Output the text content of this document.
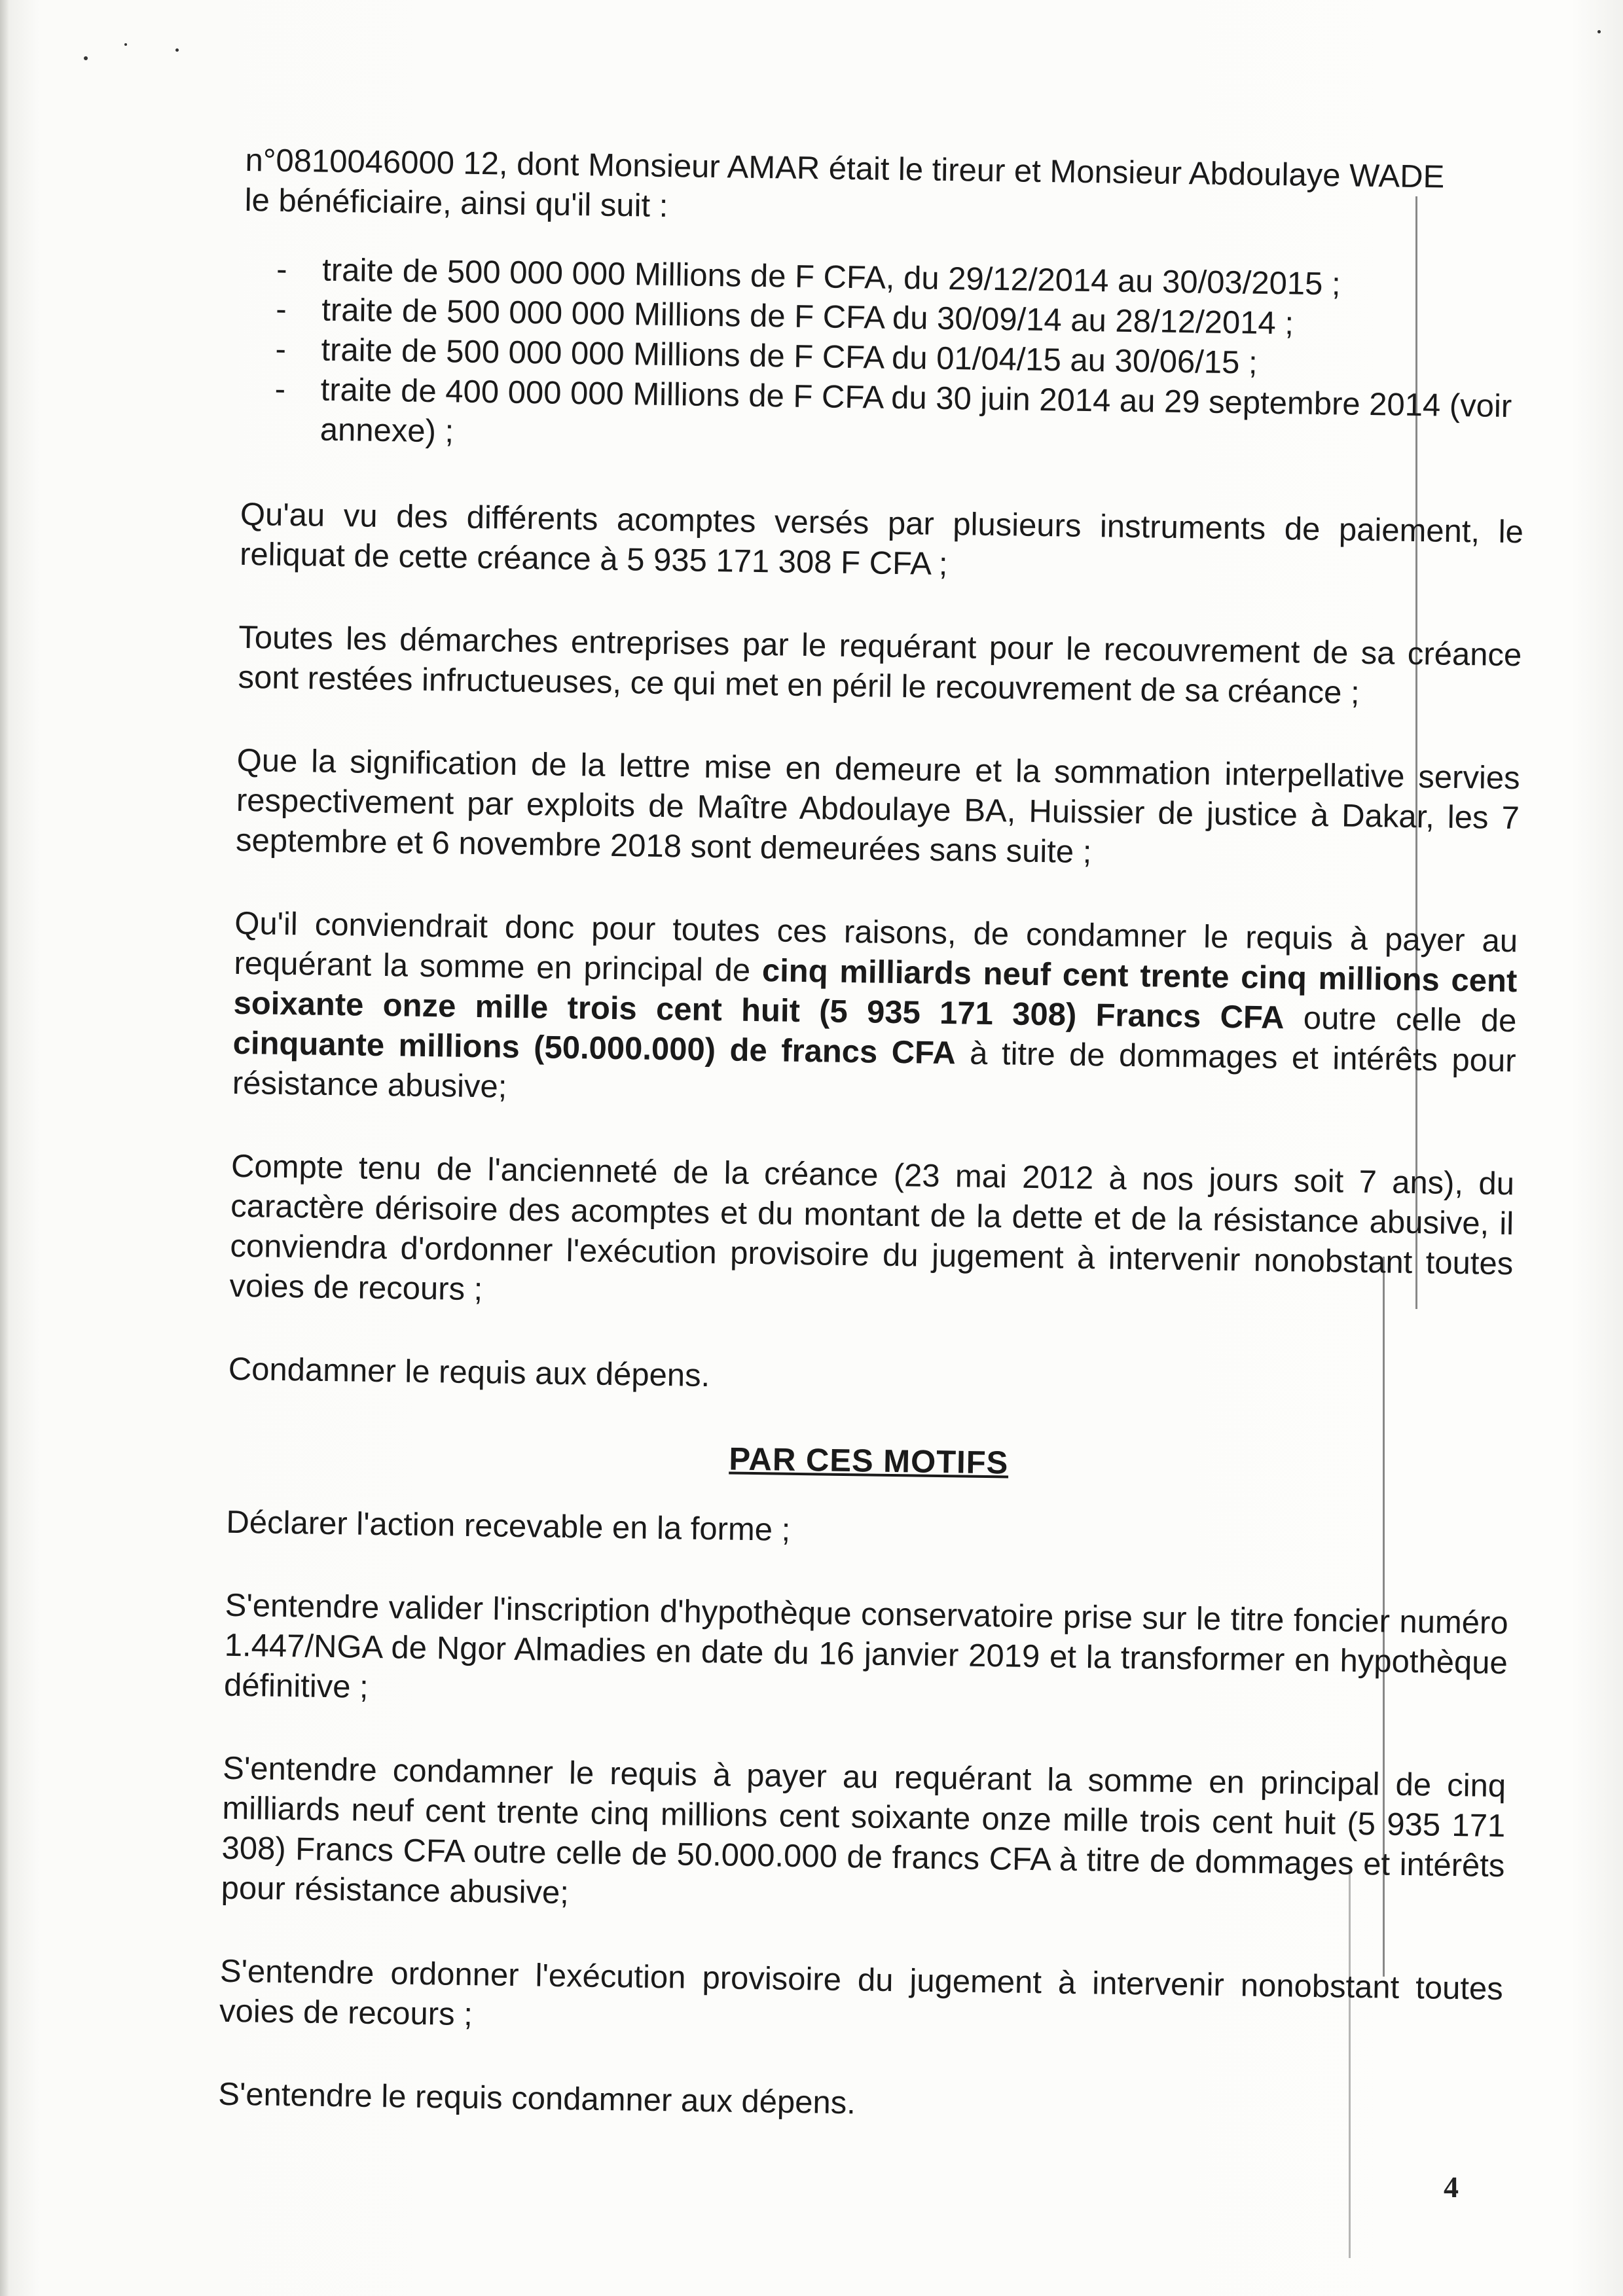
n°0810046000 12, dont Monsieur AMAR était le tireur et Monsieur Abdoulaye WADE
le bénéficiaire, ainsi qu'il suit :

- traite de 500 000 000 Millions de F CFA, du 29/12/2014 au 30/03/2015 ;
- traite de 500 000 000 Millions de F CFA du 30/09/14 au 28/12/2014 ;
- traite de 500 000 000 Millions de F CFA du 01/04/15 au 30/06/15 ;
- traite de 400 000 000 Millions de F CFA du 30 juin 2014 au 29 septembre 2014 (voir annexe) ;

Qu'au vu des différents acomptes versés par plusieurs instruments de paiement, le reliquat de cette créance à 5 935 171 308 F CFA ;

Toutes les démarches entreprises par le requérant pour le recouvrement de sa créance sont restées infructueuses, ce qui met en péril le recouvrement de sa créance ;

Que la signification de la lettre mise en demeure et la sommation interpellative servies respectivement par exploits de Maître Abdoulaye BA, Huissier de justice à Dakar, les 7 septembre et 6 novembre 2018 sont demeurées sans suite ;

Qu'il conviendrait donc pour toutes ces raisons, de condamner le requis à payer au requérant la somme en principal de cinq milliards neuf cent trente cinq millions cent soixante onze mille trois cent huit (5 935 171 308) Francs CFA outre celle de cinquante millions (50.000.000) de francs CFA à titre de dommages et intérêts pour résistance abusive;

Compte tenu de l'ancienneté de la créance (23 mai 2012 à nos jours soit 7 ans), du caractère dérisoire des acomptes et du montant de la dette et de la résistance abusive, il conviendra d'ordonner l'exécution provisoire du jugement à intervenir nonobstant toutes voies de recours ;

Condamner le requis aux dépens.

PAR CES MOTIFS

Déclarer l'action recevable en la forme ;

S'entendre valider l'inscription d'hypothèque conservatoire prise sur le titre foncier numéro 1.447/NGA de Ngor Almadies en date du 16 janvier 2019 et la transformer en hypothèque définitive ;

S'entendre condamner le requis à payer au requérant la somme en principal de cinq milliards neuf cent trente cinq millions cent soixante onze mille trois cent huit (5 935 171 308) Francs CFA outre celle de 50.000.000 de francs CFA à titre de dommages et intérêts pour résistance abusive;

S'entendre ordonner l'exécution provisoire du jugement à intervenir nonobstant toutes voies de recours ;

S'entendre le requis condamner aux dépens.

4
